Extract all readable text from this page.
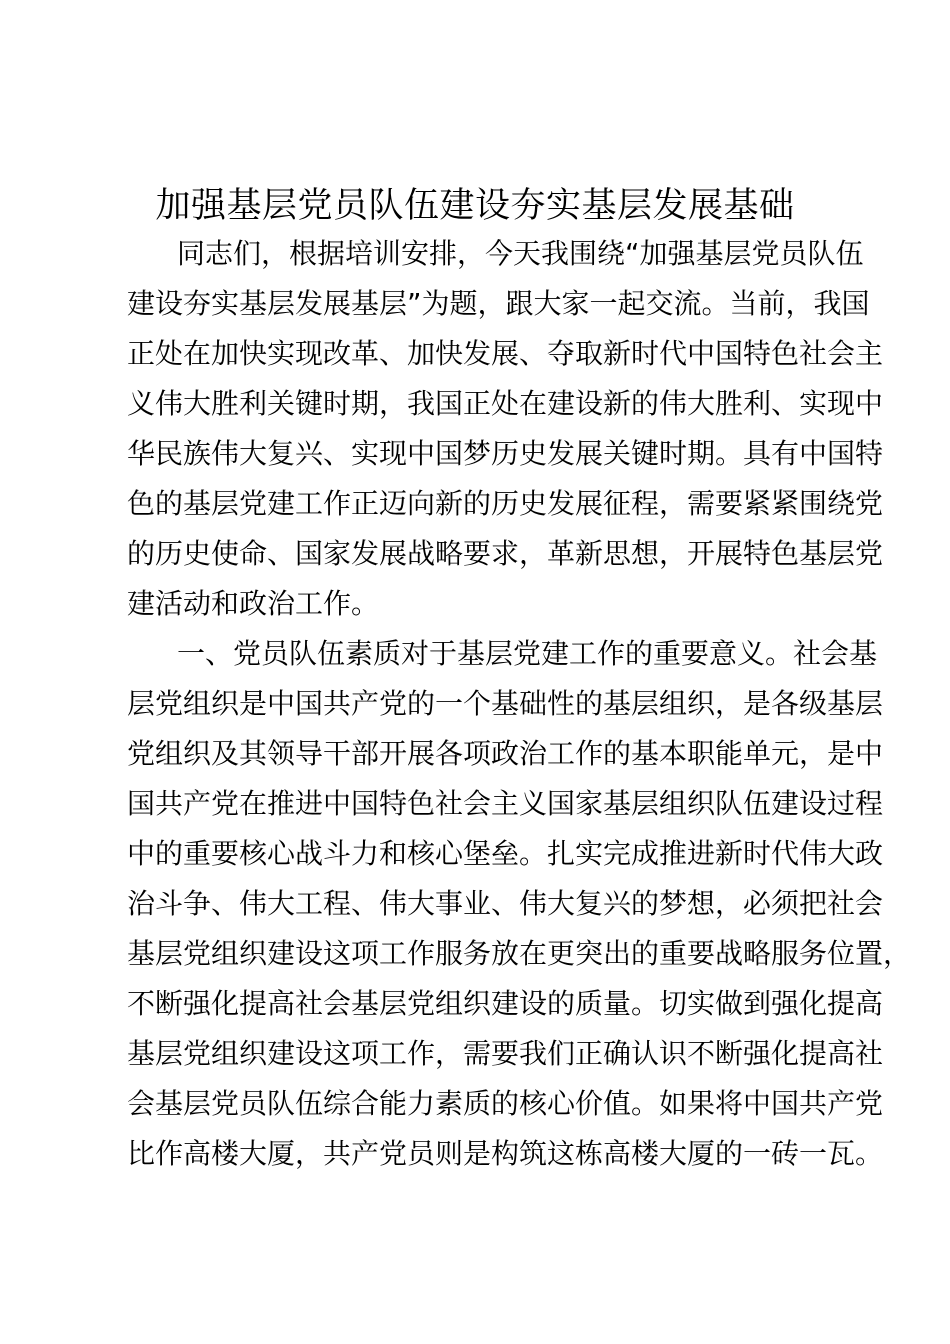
加强基层党员队伍建设夯实基层发展基础

同志们，根据培训安排，今天我围绕“加强基层党员队伍

建设夯实基层发展基层”为题，跟大家一起交流。当前，我国

正处在加快实现改革、加快发展、夺取新时代中国特色社会主

义伟大胜利关键时期，我国正处在建设新的伟大胜利、实现中

华民族伟大复兴、实现中国梦历史发展关键时期。具有中国特

色的基层党建工作正迈向新的历史发展征程，需要紧紧围绕党

的历史使命、国家发展战略要求，革新思想，开展特色基层党

建活动和政治工作。

一、党员队伍素质对于基层党建工作的重要意义。社会基

层党组织是中国共产党的一个基础性的基层组织，是各级基层

党组织及其领导干部开展各项政治工作的基本职能单元，是中

国共产党在推进中国特色社会主义国家基层组织队伍建设过程

中的重要核心战斗力和核心堡垒。扎实完成推进新时代伟大政

治斗争、伟大工程、伟大事业、伟大复兴的梦想，必须把社会

基层党组织建设这项工作服务放在更突出的重要战略服务位置，

不断强化提高社会基层党组织建设的质量。切实做到强化提高

基层党组织建设这项工作，需要我们正确认识不断强化提高社

会基层党员队伍综合能力素质的核心价值。如果将中国共产党

比作高楼大厦，共产党员则是构筑这栋高楼大厦的一砖一瓦。
